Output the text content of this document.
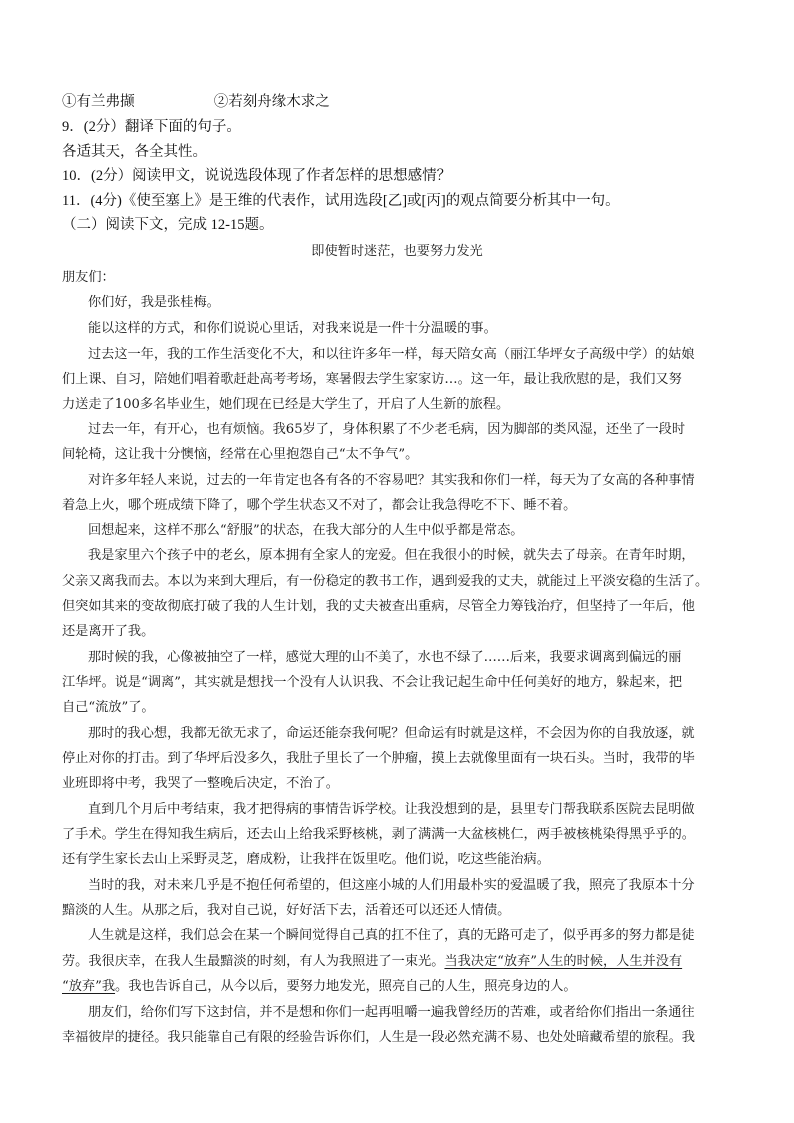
①有兰弗撷	②若刻舟缘木求之
9．(2分）翻译下面的句子。
各适其天，各全其性。
10．(2分）阅读甲文，说说选段体现了作者怎样的思想感情？
11．(4分)《使至塞上》是王维的代表作，试用选段[乙]或[丙]的观点简要分析其中一句。
（二）阅读下文，完成 12-15题。
即使暂时迷茫，也要努力发光
朋友们：
你们好，我是张桂梅。
能以这样的方式，和你们说说心里话，对我来说是一件十分温暖的事。
过去这一年，我的工作生活变化不大，和以往许多年一样，每天陪女高（丽江华坪女子高级中学）的姑娘
们上课、自习，陪她们唱着歌赶赴高考考场，寒暑假去学生家家访…。这一年，最让我欣慰的是，我们又努
力送走了100多名毕业生，她们现在已经是大学生了，开启了人生新的旅程。
过去一年，有开心，也有烦恼。我65岁了，身体积累了不少老毛病，因为脚部的类风湿，还坐了一段时
间轮椅，这让我十分懊恼，经常在心里抱怨自己“太不争气”。
对许多年轻人来说，过去的一年肯定也各有各的不容易吧？其实我和你们一样，每天为了女高的各种事情
着急上火，哪个班成绩下降了，哪个学生状态又不对了，都会让我急得吃不下、睡不着。
回想起来，这样不那么“舒服”的状态，在我大部分的人生中似乎都是常态。
我是家里六个孩子中的老幺，原本拥有全家人的宠爱。但在我很小的时候，就失去了母亲。在青年时期，
父亲又离我而去。本以为来到大理后，有一份稳定的教书工作，遇到爱我的丈夫，就能过上平淡安稳的生活了。
但突如其来的变故彻底打破了我的人生计划，我的丈夫被查出重病，尽管全力筹钱治疗，但坚持了一年后，他
还是离开了我。
那时候的我，心像被抽空了一样，感觉大理的山不美了，水也不绿了……后来，我要求调离到偏远的丽
江华坪。说是“调离”，其实就是想找一个没有人认识我、不会让我记起生命中任何美好的地方，躲起来，把
自己“流放”了。
那时的我心想，我都无欲无求了，命运还能奈我何呢？但命运有时就是这样，不会因为你的自我放逐，就
停止对你的打击。到了华坪后没多久，我肚子里长了一个肿瘤，摸上去就像里面有一块石头。当时，我带的毕
业班即将中考，我哭了一整晚后决定，不治了。
直到几个月后中考结束，我才把得病的事情告诉学校。让我没想到的是，县里专门帮我联系医院去昆明做
了手术。学生在得知我生病后，还去山上给我采野核桃，剥了满满一大盆核桃仁，两手被核桃染得黑乎乎的。
还有学生家长去山上采野灵芝，磨成粉，让我拌在饭里吃。他们说，吃这些能治病。
当时的我，对未来几乎是不抱任何希望的，但这座小城的人们用最朴实的爱温暖了我，照亮了我原本十分
黯淡的人生。从那之后，我对自己说，好好活下去，活着还可以还还人情债。
人生就是这样，我们总会在某一个瞬间觉得自己真的扛不住了，真的无路可走了，似乎再多的努力都是徒
劳。我很庆幸，在我人生最黯淡的时刻，有人为我照进了一束光。当我决定“放弃”人生的时候，人生并没有
“放弃”我。我也告诉自己，从今以后，要努力地发光，照亮自己的人生，照亮身边的人。
朋友们，给你们写下这封信，并不是想和你们一起再咀嚼一遍我曾经历的苦难，或者给你们指出一条通往
幸福彼岸的捷径。我只能靠自己有限的经验告诉你们，人生是一段必然充满不易、也处处暗藏希望的旅程。我
